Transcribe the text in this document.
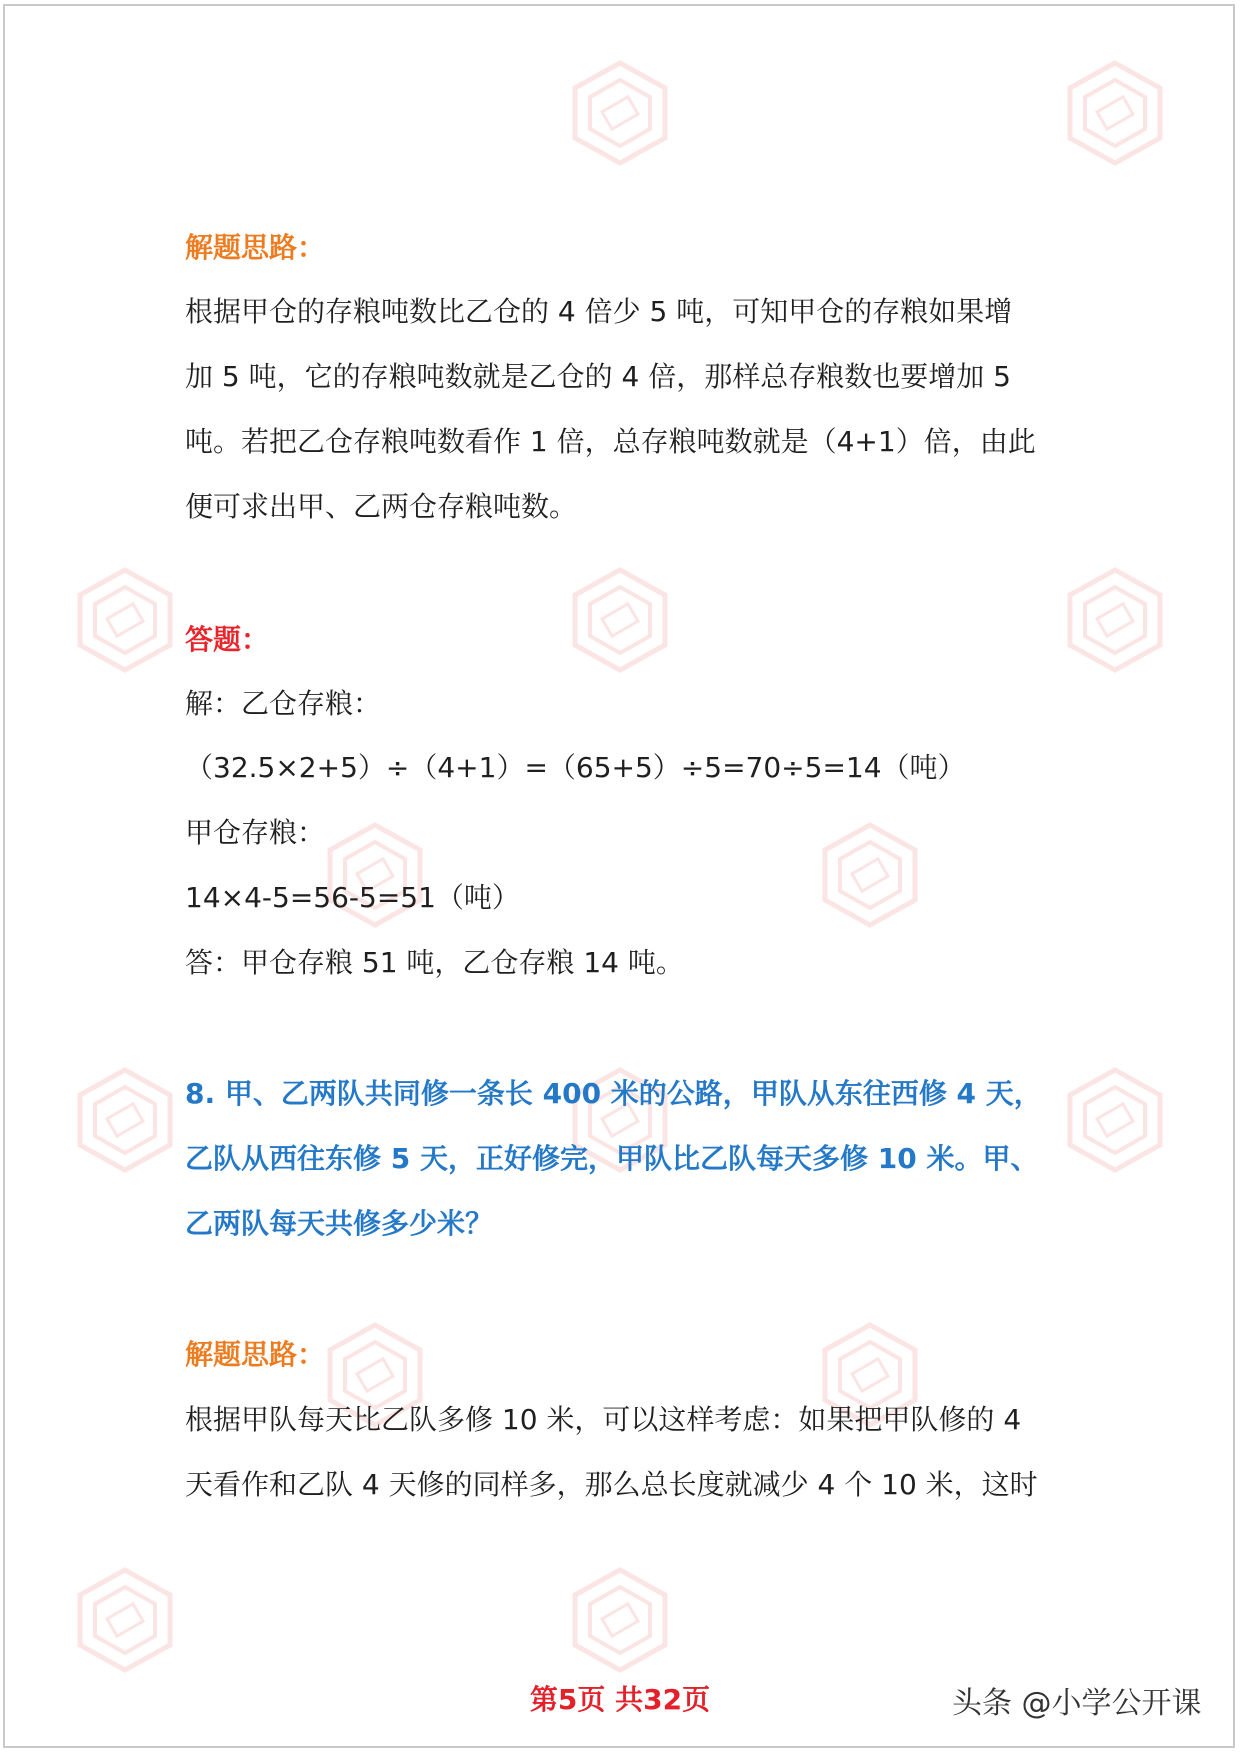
解题思路：
根据甲仓的存粮吨数比乙仓的 4 倍少 5 吨，可知甲仓的存粮如果增
加 5 吨，它的存粮吨数就是乙仓的 4 倍，那样总存粮数也要增加 5
吨。若把乙仓存粮吨数看作 1 倍，总存粮吨数就是（4+1）倍，由此
便可求出甲、乙两仓存粮吨数。
答题：
解：乙仓存粮：
（32.5×2+5）÷（4+1）=（65+5）÷5=70÷5=14（吨）
甲仓存粮：
14×4-5=56-5=51（吨）
答：甲仓存粮 51 吨，乙仓存粮 14 吨。
8. 甲、乙两队共同修一条长 400 米的公路，甲队从东往西修 4 天，
乙队从西往东修 5 天，正好修完，甲队比乙队每天多修 10 米。甲、
乙两队每天共修多少米？
解题思路：
根据甲队每天比乙队多修 10 米，可以这样考虑：如果把甲队修的 4
天看作和乙队 4 天修的同样多，那么总长度就减少 4 个 10 米，这时
第5页 共32页	头条 @小学公开课
